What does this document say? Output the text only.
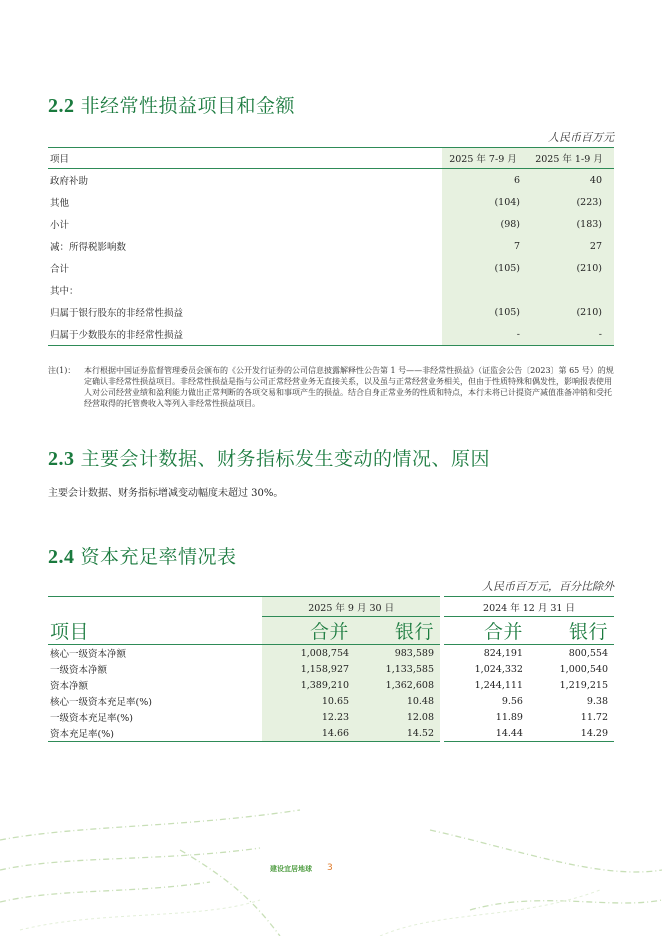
2.2 非经常性损益项目和金额
人民币百万元
项目	2025 年 7-9 月	2025 年 1-9 月
政府补助	6	40
其他	(104)	(223)
小计	(98)	(183)
减：所得税影响数	7	27
合计	(105)	(210)
其中：		
归属于银行股东的非经常性损益	(105)	(210)
归属于少数股东的非经常性损益	-	-
注(1)： 本行根据中国证券监督管理委员会颁布的《公开发行证券的公司信息披露解释性公告第 1 号——非经常性损益》（证监会公告〔2023〕第 65 号）的规定确认非经常性损益项目。非经常性损益是指与公司正常经营业务无直接关系，以及虽与正常经营业务相关，但由于性质特殊和偶发性，影响报表使用人对公司经营业绩和盈利能力做出正常判断的各项交易和事项产生的损益。结合自身正常业务的性质和特点，本行未将已计提资产减值准备冲销和受托经营取得的托管费收入等列入非经常性损益项目。
2.3 主要会计数据、财务指标发生变动的情况、原因
主要会计数据、财务指标增减变动幅度未超过 30%。
2.4 资本充足率情况表
人民币百万元，百分比除外
	2025 年 9 月 30 日		2024 年 12 月 31 日	
项目	合并	银行	合并	银行
核心一级资本净额	1,008,754	983,589	824,191	800,554
一级资本净额	1,158,927	1,133,585	1,024,332	1,000,540
资本净额	1,389,210	1,362,608	1,244,111	1,219,215
核心一级资本充足率(%)	10.65	10.48	9.56	9.38
一级资本充足率(%)	12.23	12.08	11.89	11.72
资本充足率(%)	14.66	14.52	14.44	14.29
建设宜居地球 3
